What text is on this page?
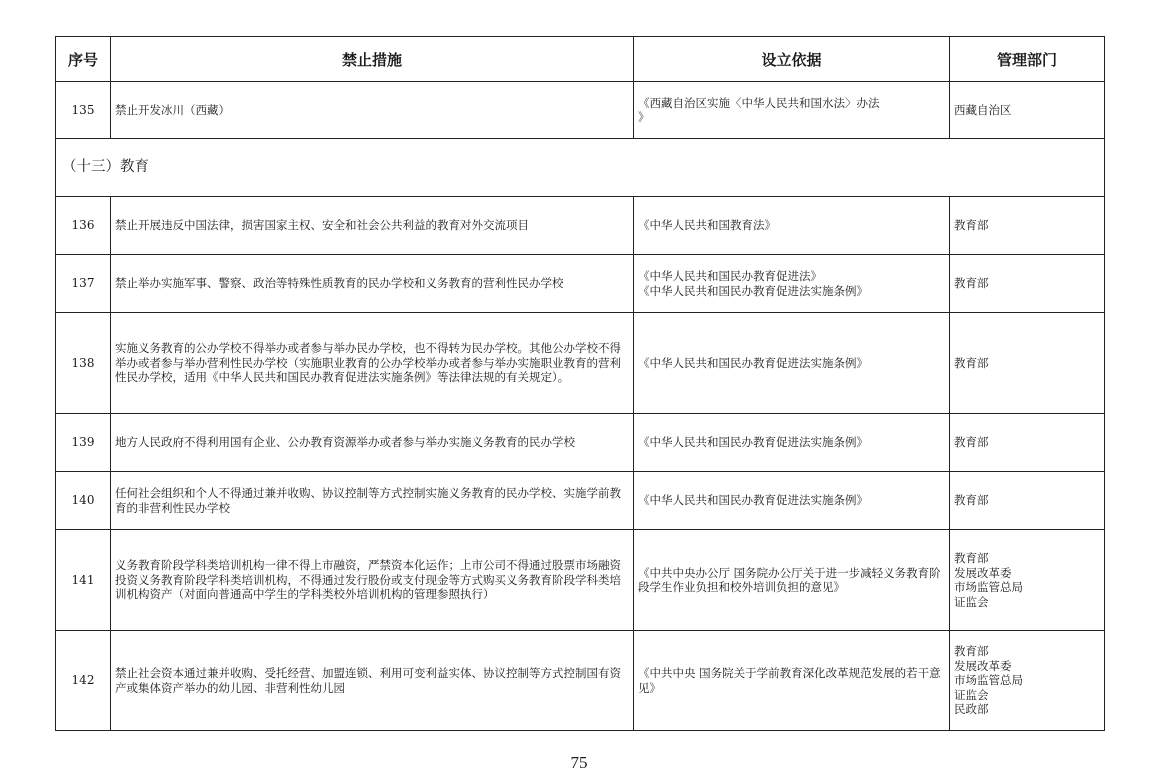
序号	禁止措施	设立依据	管理部门
135	禁止开发冰川（西藏）	《西藏自治区实施〈中华人民共和国水法〉办法
》	西藏自治区

（十三）教育			
136	禁止开展违反中国法律，损害国家主权、安全和社会公共利益的教育对外交流项目	《中华人民共和国教育法》	教育部

137	禁止举办实施军事、警察、政治等特殊性质教育的民办学校和义务教育的营利性民办学校	《中华人民共和国民办教育促进法》
《中华人民共和国民办教育促进法实施条例》	教育部

138	实施义务教育的公办学校不得举办或者参与举办民办学校，也不得转为民办学校。其他公办学校不得举办或者参与举办营利性民办学校（实施职业教育的公办学校举办或者参与举办实施职业教育的营利性民办学校，适用《中华人民共和国民办教育促进法实施条例》等法律法规的有关规定）。	《中华人民共和国民办教育促进法实施条例》	教育部

139	地方人民政府不得利用国有企业、公办教育资源举办或者参与举办实施义务教育的民办学校	《中华人民共和国民办教育促进法实施条例》	教育部

140	任何社会组织和个人不得通过兼并收购、协议控制等方式控制实施义务教育的民办学校、实施学前教育的非营利性民办学校	《中华人民共和国民办教育促进法实施条例》	教育部

141	义务教育阶段学科类培训机构一律不得上市融资，严禁资本化运作；上市公司不得通过股票市场融资投资义务教育阶段学科类培训机构，不得通过发行股份或支付现金等方式购买义务教育阶段学科类培训机构资产（对面向普通高中学生的学科类校外培训机构的管理参照执行）	《中共中央办公厅 国务院办公厅关于进一步减轻义务教育阶段学生作业负担和校外培训负担的意见》	教育部
发展改革委
市场监管总局
证监会

142	禁止社会资本通过兼并收购、受托经营、加盟连锁、利用可变利益实体、协议控制等方式控制国有资产或集体资产举办的幼儿园、非营利性幼儿园	《中共中央 国务院关于学前教育深化改革规范发展的若干意见》	教育部
发展改革委
市场监管总局
证监会
民政部
75
